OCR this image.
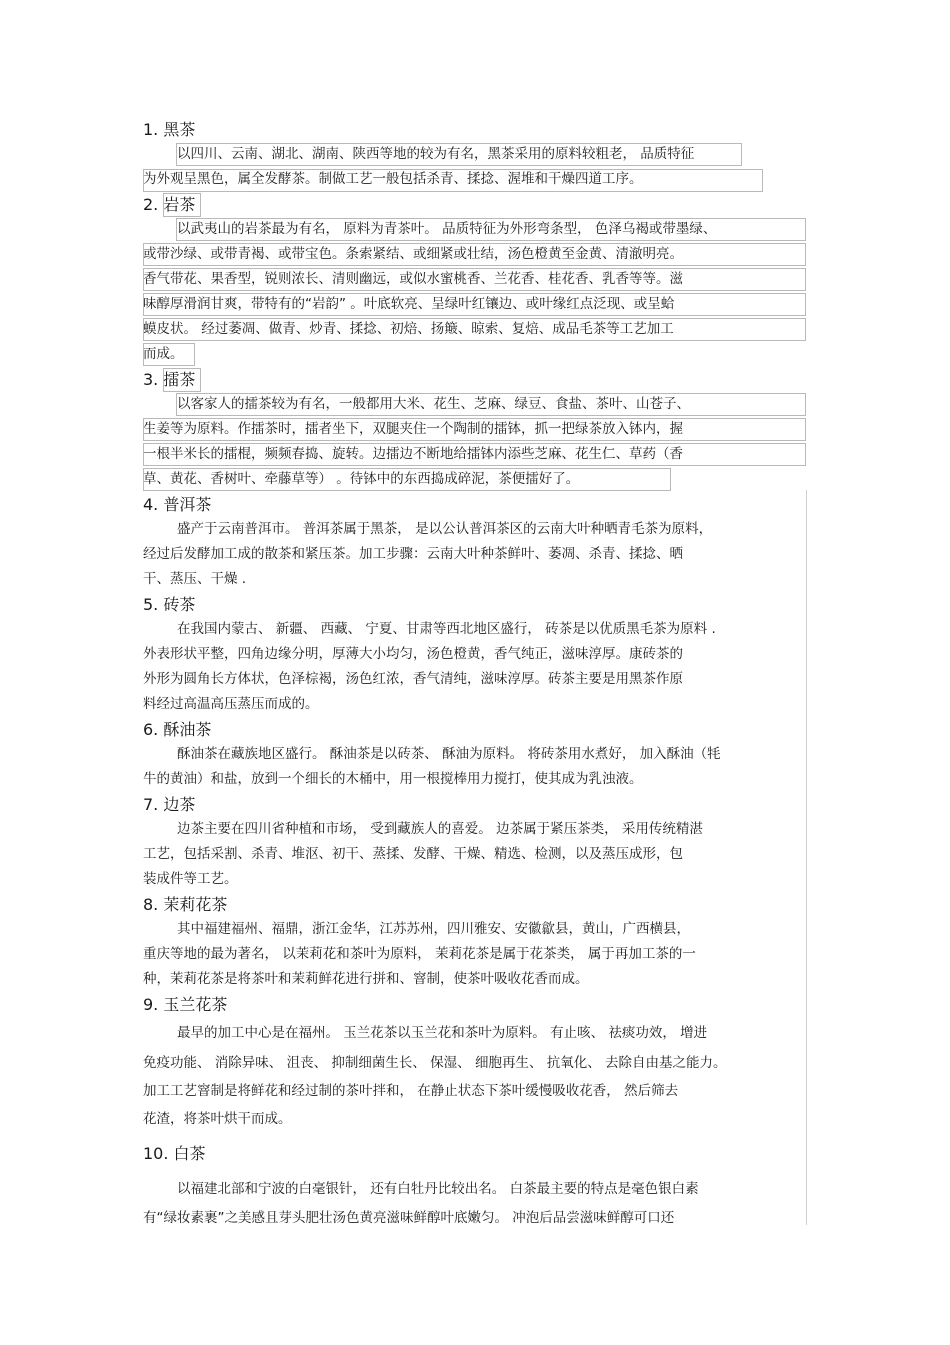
1. 黑茶
以四川、云南、湖北、湖南、陕西等地的较为有名，黑茶采用的原料较粗老， 品质特征
为外观呈黑色，属全发酵茶。制做工艺一般包括杀青、揉捻、渥堆和干燥四道工序。
2. 岩茶
以武夷山的岩茶最为有名， 原料为青茶叶。 品质特征为外形弯条型， 色泽乌褐或带墨绿、
或带沙绿、或带青褐、或带宝色。条索紧结、或细紧或壮结，汤色橙黄至金黄、清澈明亮。
香气带花、果香型，锐则浓长、清则幽远，或似水蜜桃香、兰花香、桂花香、乳香等等。滋
味醇厚滑润甘爽，带特有的“岩韵” 。叶底软亮、呈绿叶红镶边、或叶缘红点泛现、或呈蛤
蟆皮状。 经过萎凋、做青、炒青、揉捻、初焙、扬簸、晾索、复焙、成品毛茶等工艺加工
而成。
3. 擂茶
以客家人的擂茶较为有名，一般都用大米、花生、芝麻、绿豆、食盐、茶叶、山苍子、
生姜等为原料。作擂茶时，擂者坐下，双腿夹住一个陶制的擂钵，抓一把绿茶放入钵内，握
一根半米长的擂棍，频频春捣、旋转。边擂边不断地给擂钵内添些芝麻、花生仁、草药（香
草、黄花、香树叶、牵藤草等） 。待钵中的东西捣成碎泥，茶便擂好了。
4. 普洱茶
盛产于云南普洱市。 普洱茶属于黑茶， 是以公认普洱茶区的云南大叶种晒青毛茶为原料，
经过后发酵加工成的散茶和紧压茶。加工步骤：云南大叶种茶鲜叶、萎凋、杀青、揉捻、晒
干、蒸压、干燥 .
5. 砖茶
在我国内蒙古、 新疆、 西藏、 宁夏、甘肃等西北地区盛行， 砖茶是以优质黑毛茶为原料 .
外表形状平整，四角边缘分明，厚薄大小均匀，汤色橙黄，香气纯正，滋味淳厚。康砖茶的
外形为圆角长方体状，色泽棕褐，汤色红浓，香气清纯，滋味淳厚。砖茶主要是用黑茶作原
料经过高温高压蒸压而成的。
6. 酥油茶
酥油茶在藏族地区盛行。 酥油茶是以砖茶、 酥油为原料。 将砖茶用水煮好， 加入酥油（牦
牛的黄油）和盐，放到一个细长的木桶中，用一根搅棒用力搅打，使其成为乳浊液。
7. 边茶
边茶主要在四川省种植和市场， 受到藏族人的喜爱。 边茶属于紧压茶类， 采用传统精湛
工艺，包括采割、杀青、堆沤、初干、蒸揉、发酵、干燥、精选、检测，以及蒸压成形，包
装成件等工艺。
8. 茉莉花茶
其中福建福州、福鼎，浙江金华，江苏苏州，四川雅安、安徽歙县，黄山，广西横县，
重庆等地的最为著名， 以茉莉花和茶叶为原料， 茉莉花茶是属于花茶类， 属于再加工茶的一
种，茉莉花茶是将茶叶和茉莉鲜花进行拼和、窨制，使茶叶吸收花香而成。
9. 玉兰花茶
最早的加工中心是在福州。 玉兰花茶以玉兰花和茶叶为原料。 有止咳、 祛痰功效， 增进
免疫功能、 消除异味、 沮丧、 抑制细菌生长、 保湿、 细胞再生、 抗氧化、 去除自由基之能力。
加工工艺窨制是将鲜花和经过制的茶叶拌和， 在静止状态下茶叶缓慢吸收花香， 然后筛去
花渣，将茶叶烘干而成。
10. 白茶
以福建北部和宁波的白毫银针， 还有白牡丹比较出名。 白茶最主要的特点是毫色银白素
有“绿妆素裹”之美感且芽头肥壮汤色黄亮滋味鲜醇叶底嫩匀。 冲泡后品尝滋味鲜醇可口还
